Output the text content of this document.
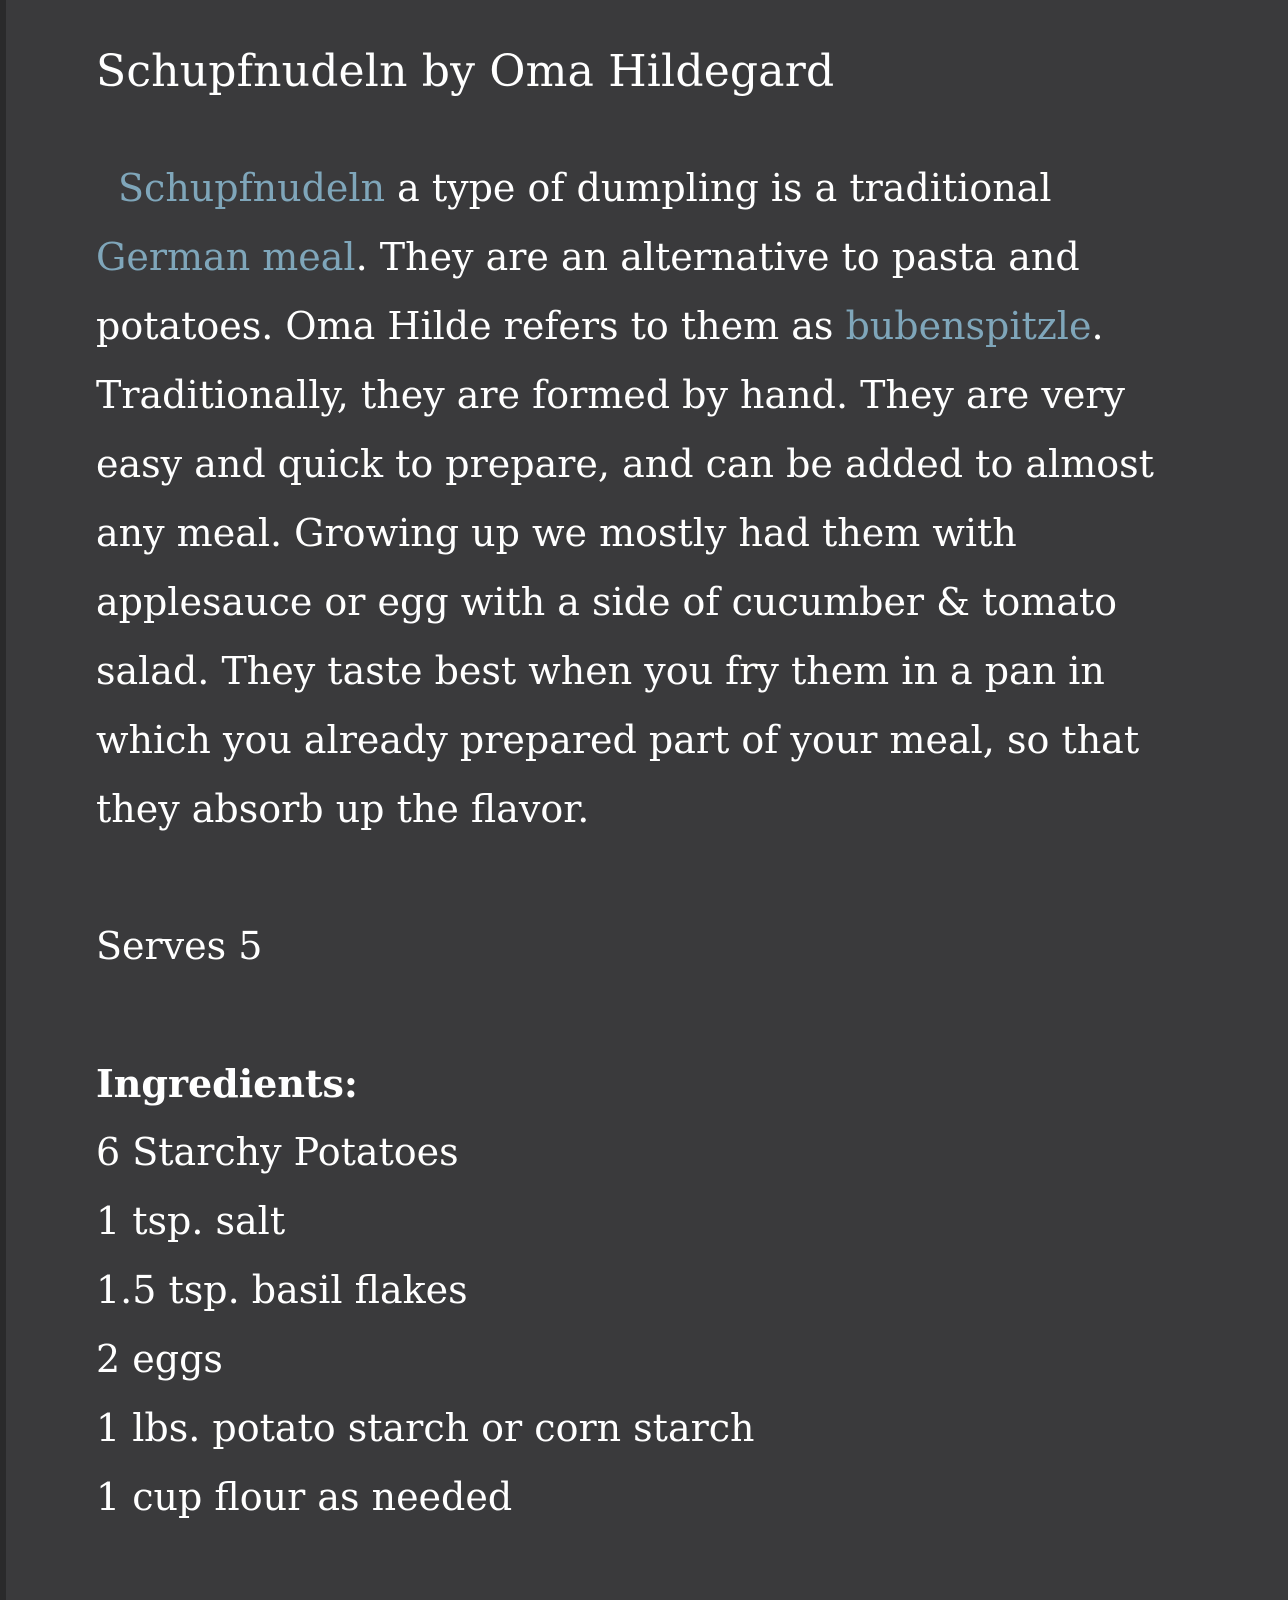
Schupfnudeln by Oma Hildegard

Schupfnudeln a type of dumpling is a traditional German meal. They are an alternative to pasta and potatoes. Oma Hilde refers to them as bubenspitzle. Traditionally, they are formed by hand. They are very easy and quick to prepare, and can be added to almost any meal. Growing up we mostly had them with applesauce or egg with a side of cucumber & tomato salad. They taste best when you fry them in a pan in which you already prepared part of your meal, so that they absorb up the flavor.

Serves 5

Ingredients:
6 Starchy Potatoes
1 tsp. salt
1.5 tsp. basil flakes
2 eggs
1 lbs. potato starch or corn starch
1 cup flour as needed
